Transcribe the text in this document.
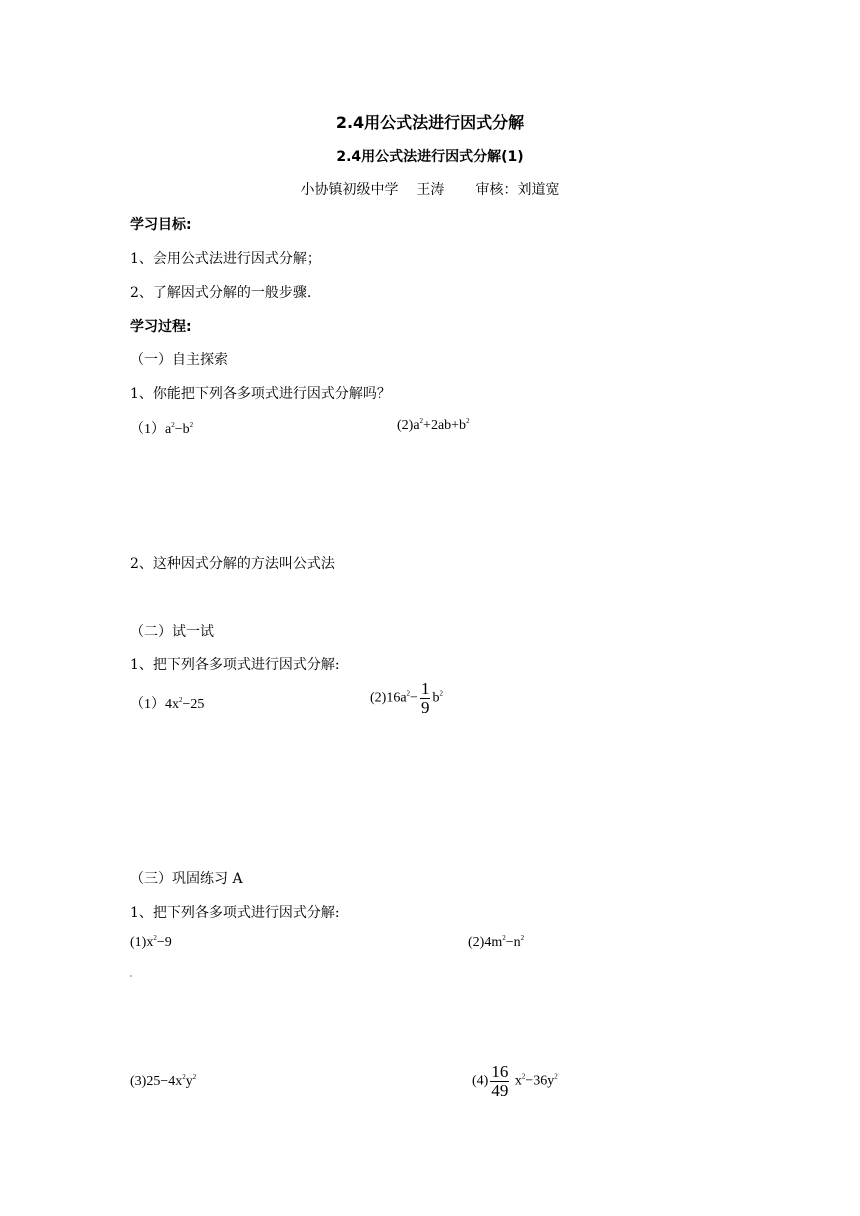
2.4用公式法进行因式分解
2.4用公式法进行因式分解(1)
小协镇初级中学 王涛 审核：刘道宽
学习目标:
1、会用公式法进行因式分解；
2、了解因式分解的一般步骤.
学习过程:
（一）自主探索
1、你能把下列各多项式进行因式分解吗？
$(1)a^2-b^2$	$(2)a^2+2ab+b^2$
2、这种因式分解的方法叫公式法
（二）试一试
1、把下列各多项式进行因式分解:
$(1)4x^2-25$	$(2)16a^2- \frac{1}{9} b^2$
（三）巩固练习 A
1、把下列各多项式进行因式分解:
$(1)x^2-9$	$(2)4m^2-n^2$
$(3)25-4x^2y^2$	$(4) \frac{16}{49} x^2-36y^2$
